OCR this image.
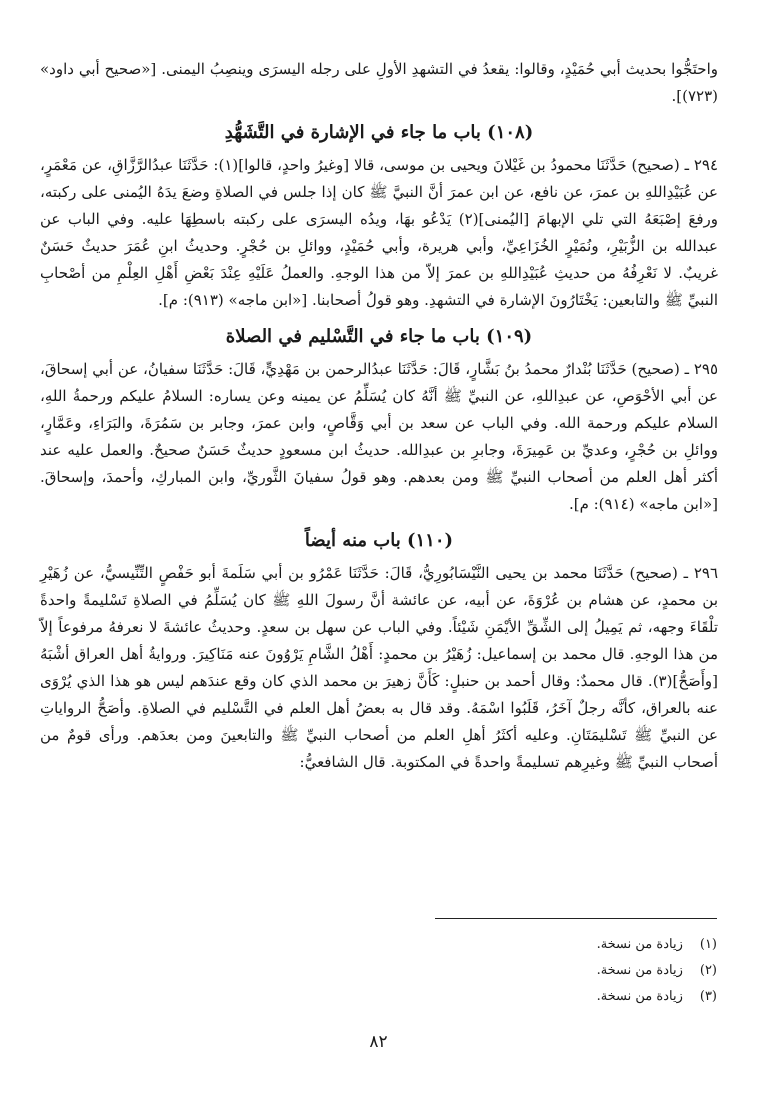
واحتَجُّوا بحديث أبي حُمَيْدٍ، وقالوا: يقعدُ في التشهدِ الأولِ على رجله اليسرَى وينصِبُ اليمنى. [«صحيح أبي داود» (٧٢٣)].

(١٠٨) باب ما جاء في الإشارة في التَّشَهُّدِ

٢٩٤ ـ (صحيح) حَدَّثَنَا محمودُ بن غَيْلانَ ويحيى بن موسى، قالا [وغيرُ واحدٍ، قالوا](١): حَدَّثَنَا عبدُالرَّزَّاقِ، عن مَعْمَرٍ، عن عُبَيْدِاللهِ بن عمرَ، عن نافع، عن ابن عمرَ أنَّ النبيَّ ﷺ كان إذا جلس في الصلاةِ وضعَ يدَهُ اليُمنى على ركبته، ورفعَ إصْبَعَهُ التي تلي الإبهامَ [اليُمنى](٢) يَدْعُو بهَا، ويدُه اليسرَى على ركبته باسطِهَا عليه. وفي الباب عن عبدالله بن الزُّبَيْرِ، ونُمَيْرٍ الخُزَاعِيِّ، وأبي هريرة، وأبي حُمَيْدٍ، ووائلِ بن حُجْرٍ. وحديثُ ابنِ عُمَرَ حديثٌ حَسَنٌ غريبٌ. لا نَعْرِفُهُ من حديثِ عُبَيْدِاللهِ بن عمرَ إلاّ من هذا الوجهِ. والعملُ عَلَيْهِ عِنْدَ بَعْضِ أَهْلِ العِلْمِ من أصْحابِ النبيِّ ﷺ والتابعين: يَخْتَارُونَ الإشارة في التشهدِ. وهو قولُ أصحابنا. [«ابن ماجه» (٩١٣): م].

(١٠٩) باب ما جاء في التَّسْليم في الصلاة

٢٩٥ ـ (صحيح) حَدَّثَنَا بُنْدارٌ محمدُ بنُ بَشَّارٍ، قَالَ: حَدَّثَنَا عبدُالرحمن بن مَهْدِيٍّ، قَالَ: حَدَّثَنَا سفيانُ، عن أبي إسحاقَ، عن أبي الأحْوَصِ، عن عبدِاللهِ، عن النبيِّ ﷺ أنَّهُ كان يُسَلِّمُ عن يمينه وعن يساره: السلامُ عليكم ورحمةُ اللهِ، السلام عليكم ورحمة الله. وفي الباب عن سعد بن أبي وَقَّاصٍ، وابن عمرَ، وجابر بن سَمُرَةَ، والبَرَاءِ، وعَمَّارٍ، ووائلِ بن حُجْرٍ، وعديِّ بن عَمِيرَةَ، وجابرِ بن عبدِالله. حديثُ ابن مسعودٍ حديثٌ حَسَنٌ صحيحٌ. والعمل عليه عند أكثر أهل العلم من أصحاب النبيِّ ﷺ ومن بعدهم. وهو قولُ سفيانَ الثَّوريِّ، وابن المباركِ، وأحمدَ، وإسحاقَ. [«ابن ماجه» (٩١٤): م].

(١١٠) باب منه أيضاً

٢٩٦ ـ (صحيح) حَدَّثَنَا محمد بن يحيى النَّيْسَابُورِيُّ، قَالَ: حَدَّثَنَا عَمْرُو بن أبي سَلَمةَ أبو حَفْصٍ التِّنِّيسيُّ، عن زُهَيْرِ بن محمدٍ، عن هشام بن عُرْوَةَ، عن أبيه، عن عائشة أنَّ رسولَ اللهِ ﷺ كان يُسَلِّمُ في الصلاةِ تَسْليمةً واحدةً تلْقَاءَ وجهه، ثم يَمِيلُ إلى الشِّقِّ الأيْمَنِ شَيْئاً. وفي الباب عن سهل بن سعدٍ. وحديثُ عائشةَ لا نعرفهُ مرفوعاً إلاّ من هذا الوجهِ. قال محمد بن إسماعيل: زُهَيْرُ بن محمدٍ: أَهْلُ الشَّامِ يَرْوُونَ عنه مَنَاكِيرَ. وروايةُ أهل العراق أشْبَهُ [وأَصَحُّ](٣). قال محمدٌ: وقال أحمد بن حنبلٍ: كَأَنَّ زهيرَ بن محمد الذي كان وقع عندَهم ليس هو هذا الذي يُرْوَى عنه بالعراق، كأنَّه رجلٌ آخَرُ، قَلَبُوا اسْمَهُ. وقد قال به بعضُ أهل العلم في التَّسْليم في الصلاةِ. وأصَحُّ الرواياتِ عن النبيِّ ﷺ تَسْليمَتَانِ. وعليه أكثَرُ أهلِ العلم من أصحاب النبيِّ ﷺ والتابعينَ ومن بعدَهم. ورأى قومٌ من أصحاب النبيِّ ﷺ وغيرِهم تسليمةً واحدةً في المكتوبة. قال الشافعيُّ:

(١) زيادة من نسخة.
(٢) زيادة من نسخة.
(٣) زيادة من نسخة.
٨٢
